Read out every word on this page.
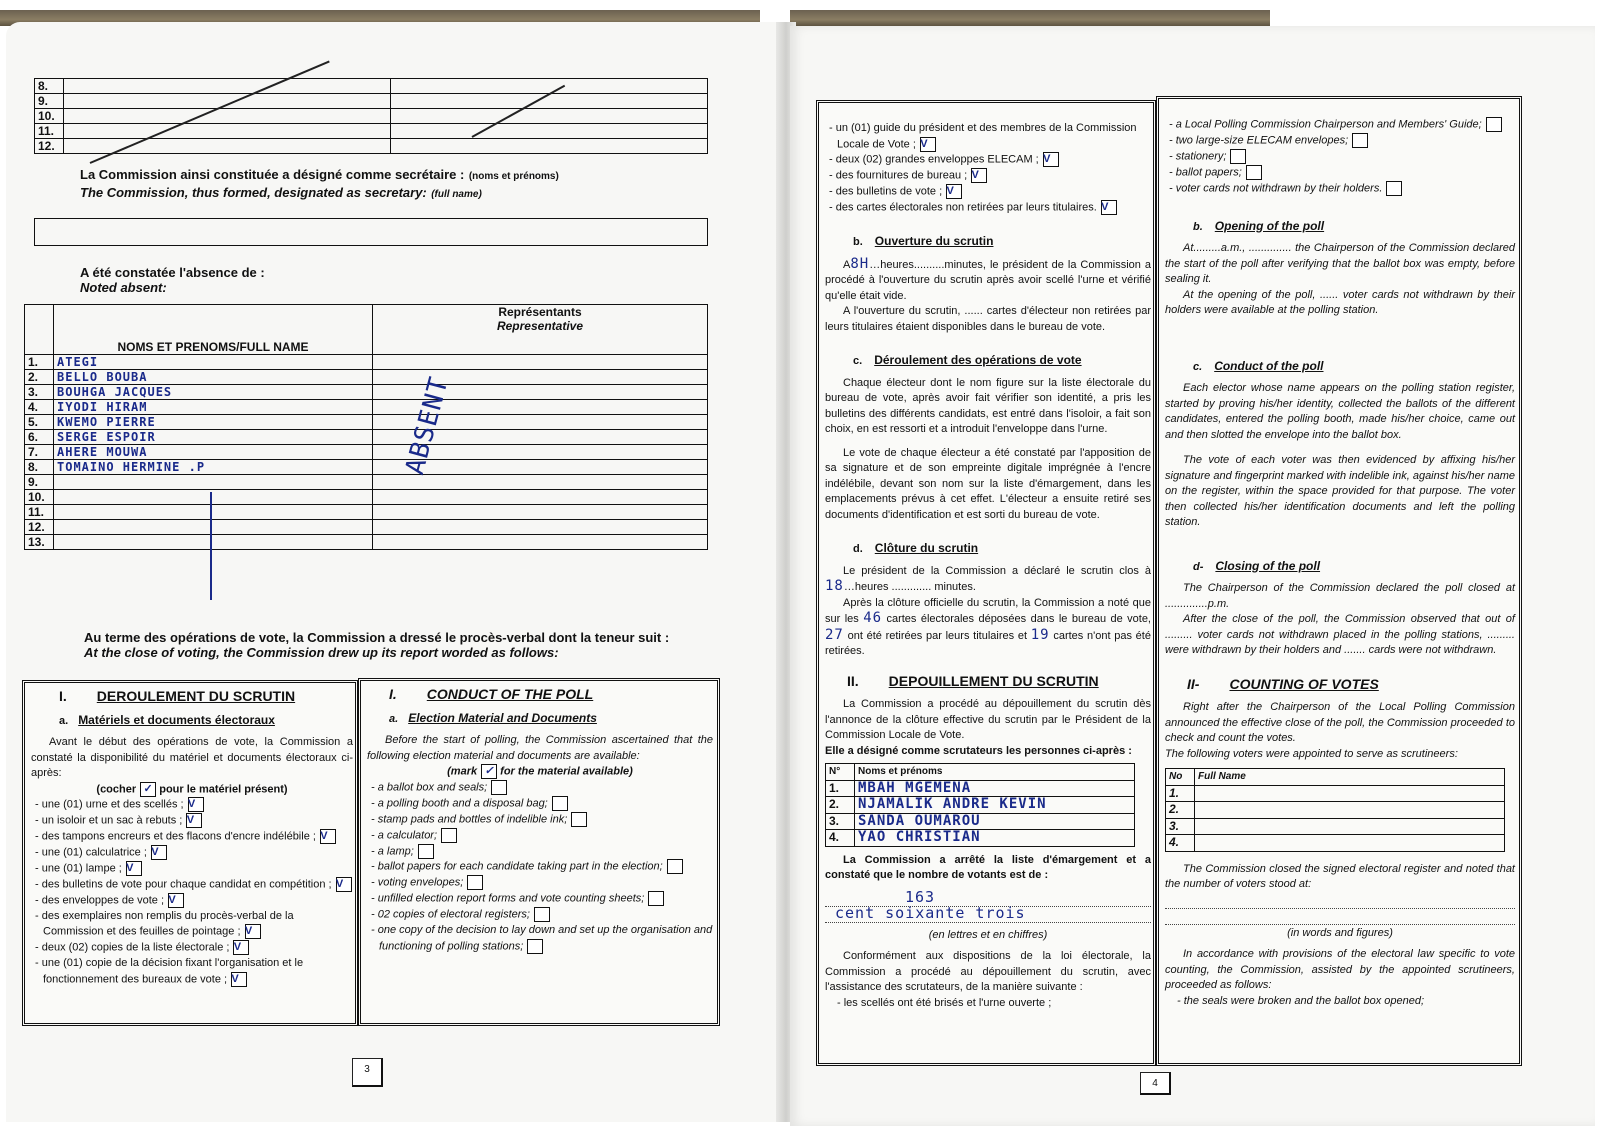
8.		
9.		
10.		
11.		
12.		
La Commission ainsi constituée a désigné comme secrétaire : (noms et prénoms)
The Commission, thus formed, designated as secretary: (full name)
A été constatée l'absence de :
Noted absent:
	NOMS ET PRENOMS/FULL NAME	Représentants
Representative

1.	ATEGI	
2.	BELLO BOUBA	
3.	BOUHGA JACQUES	
4.	IYODI HIRAM	
5.	KWEMO PIERRE	
6.	SERGE ESPOIR	
7.	AHERE MOUWA	
8.	TOMAINO HERMINE .P	
9.		
10.		
11.		
12.		
13.		
ABSENT
Au terme des opérations de vote, la Commission a dressé le procès-verbal dont la teneur suit :
At the close of voting, the Commission drew up its report worded as follows:

I. DEROULEMENT DU SCRUTIN

a. Matériels et documents électoraux

Avant le début des opérations de vote, la Commission a constaté la disponibilité du matériel et documents électoraux ci-après:

(cocher ✓ pour le matériel présent)

- une (01) urne et des scellés ; V

- un isoloir et un sac à rebuts ; V

- des tampons encreurs et des flacons d'encre indélébile ; V

- une (01) calculatrice ; V

- une (01) lampe ; V

- des bulletins de vote pour chaque candidat en compétition ; V

- des enveloppes de vote ; V

- des exemplaires non remplis du procès-verbal de la Commission et des feuilles de pointage ; V

- deux (02) copies de la liste électorale ; V

- une (01) copie de la décision fixant l'organisation et le fonctionnement des bureaux de vote ; V

I. CONDUCT OF THE POLL

a. Election Material and Documents

Before the start of polling, the Commission ascertained that the following election material and documents are available:

(mark ✓ for the material available)

- a ballot box and seals;

- a polling booth and a disposal bag;

- stamp pads and bottles of indelible ink;

- a calculator;

- a lamp;

- ballot papers for each candidate taking part in the election;

- voting envelopes;

- unfilled election report forms and vote counting sheets;

- 02 copies of electoral registers;

- one copy of the decision to lay down and set up the organisation and functioning of polling stations;

3

- un (01) guide du président et des membres de la Commission Locale de Vote ; V

- deux (02) grandes enveloppes ELECAM ; V

- des fournitures de bureau ; V

- des bulletins de vote ; V

- des cartes électorales non retirées par leurs titulaires. V

b. Ouverture du scrutin

A8H…heures..........minutes, le président de la Commission a procédé à l'ouverture du scrutin après avoir scellé l'urne et vérifié qu'elle était vide.

A l'ouverture du scrutin, ...... cartes d'électeur non retirées par leurs titulaires étaient disponibles dans le bureau de vote.

c. Déroulement des opérations de vote

Chaque électeur dont le nom figure sur la liste électorale du bureau de vote, après avoir fait vérifier son identité, a pris les bulletins des différents candidats, est entré dans l'isoloir, a fait son choix, en est ressorti et a introduit l'enveloppe dans l'urne.

Le vote de chaque électeur a été constaté par l'apposition de sa signature et de son empreinte digitale imprégnée à l'encre indélébile, devant son nom sur la liste d'émargement, dans les emplacements prévus à cet effet. L'électeur a ensuite retiré ses documents d'identification et est sorti du bureau de vote.

d. Clôture du scrutin

Le président de la Commission a déclaré le scrutin clos à 18…heures ............. minutes.

Après la clôture officielle du scrutin, la Commission a noté que sur les 46 cartes électorales déposées dans le bureau de vote, 27 ont été retirées par leurs titulaires et 19 cartes n'ont pas été retirées.

II. DEPOUILLEMENT DU SCRUTIN

La Commission a procédé au dépouillement du scrutin dès l'annonce de la clôture effective du scrutin par le Président de la Commission Locale de Vote.

Elle a désigné comme scrutateurs les personnes ci-après :

N°	Noms et prénoms
1.	MBAH MGEMENA
2.	NJAMALIK ANDRE KEVIN
3.	SANDA OUMAROU
4.	YAO CHRISTIAN

La Commission a arrêté la liste d'émargement et a constaté que le nombre de votants est de :

163
cent soixante trois

(en lettres et en chiffres)

Conformément aux dispositions de la loi électorale, la Commission a procédé au dépouillement du scrutin, avec l'assistance des scrutateurs, de la manière suivante :

- les scellés ont été brisés et l'urne ouverte ;

- a Local Polling Commission Chairperson and Members' Guide;

- two large-size ELECAM envelopes;

- stationery;

- ballot papers;

- voter cards not withdrawn by their holders.

b. Opening of the poll

At.........a.m., .............. the Chairperson of the Commission declared the start of the poll after verifying that the ballot box was empty, before sealing it.

At the opening of the poll, ...... voter cards not withdrawn by their holders were available at the polling station.

c. Conduct of the poll

Each elector whose name appears on the polling station register, started by proving his/her identity, collected the ballots of the different candidates, entered the polling booth, made his/her choice, came out and then slotted the envelope into the ballot box.

The vote of each voter was then evidenced by affixing his/her signature and fingerprint marked with indelible ink, against his/her name on the register, within the space provided for that purpose. The voter then collected his/her identification documents and left the polling station.

d- Closing of the poll

The Chairperson of the Commission declared the poll closed at ..............p.m.

After the close of the poll, the Commission observed that out of ......... voter cards not withdrawn placed in the polling stations, ......... were withdrawn by their holders and ....... cards were not withdrawn.

II- COUNTING OF VOTES

Right after the Chairperson of the Local Polling Commission announced the effective close of the poll, the Commission proceeded to check and count the votes.

The following voters were appointed to serve as scrutineers:

No	Full Name
1.	
2.	
3.	
4.	

The Commission closed the signed electoral register and noted that the number of voters stood at:

(in words and figures)

In accordance with provisions of the electoral law specific to vote counting, the Commission, assisted by the appointed scrutineers, proceeded as follows:

- the seals were broken and the ballot box opened;

4
